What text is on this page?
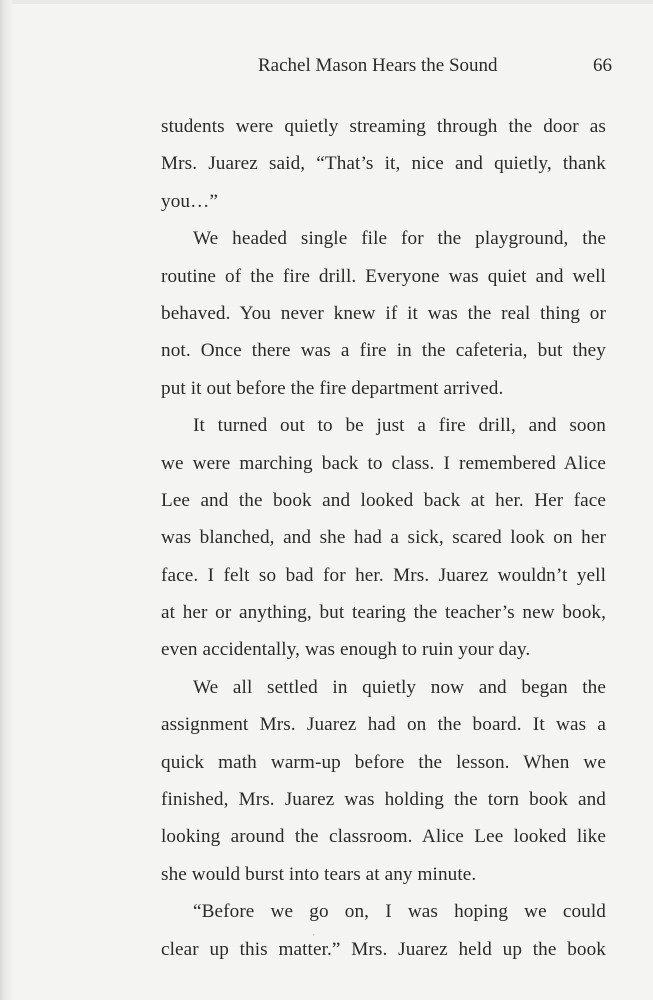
Rachel Mason Hears the Sound	66
students were quietly streaming through the door as
Mrs. Juarez said, “That’s it, nice and quietly, thank
you…”
We headed single file for the playground, the
routine of the fire drill. Everyone was quiet and well
behaved. You never knew if it was the real thing or
not. Once there was a fire in the cafeteria, but they
put it out before the fire department arrived.
It turned out to be just a fire drill, and soon
we were marching back to class. I remembered Alice
Lee and the book and looked back at her. Her face
was blanched, and she had a sick, scared look on her
face. I felt so bad for her. Mrs. Juarez wouldn’t yell
at her or anything, but tearing the teacher’s new book,
even accidentally, was enough to ruin your day.
We all settled in quietly now and began the
assignment Mrs. Juarez had on the board. It was a
quick math warm-up before the lesson. When we
finished, Mrs. Juarez was holding the torn book and
looking around the classroom. Alice Lee looked like
she would burst into tears at any minute.
“Before we go on, I was hoping we could
clear up this matter.” Mrs. Juarez held up the book
ˌ
